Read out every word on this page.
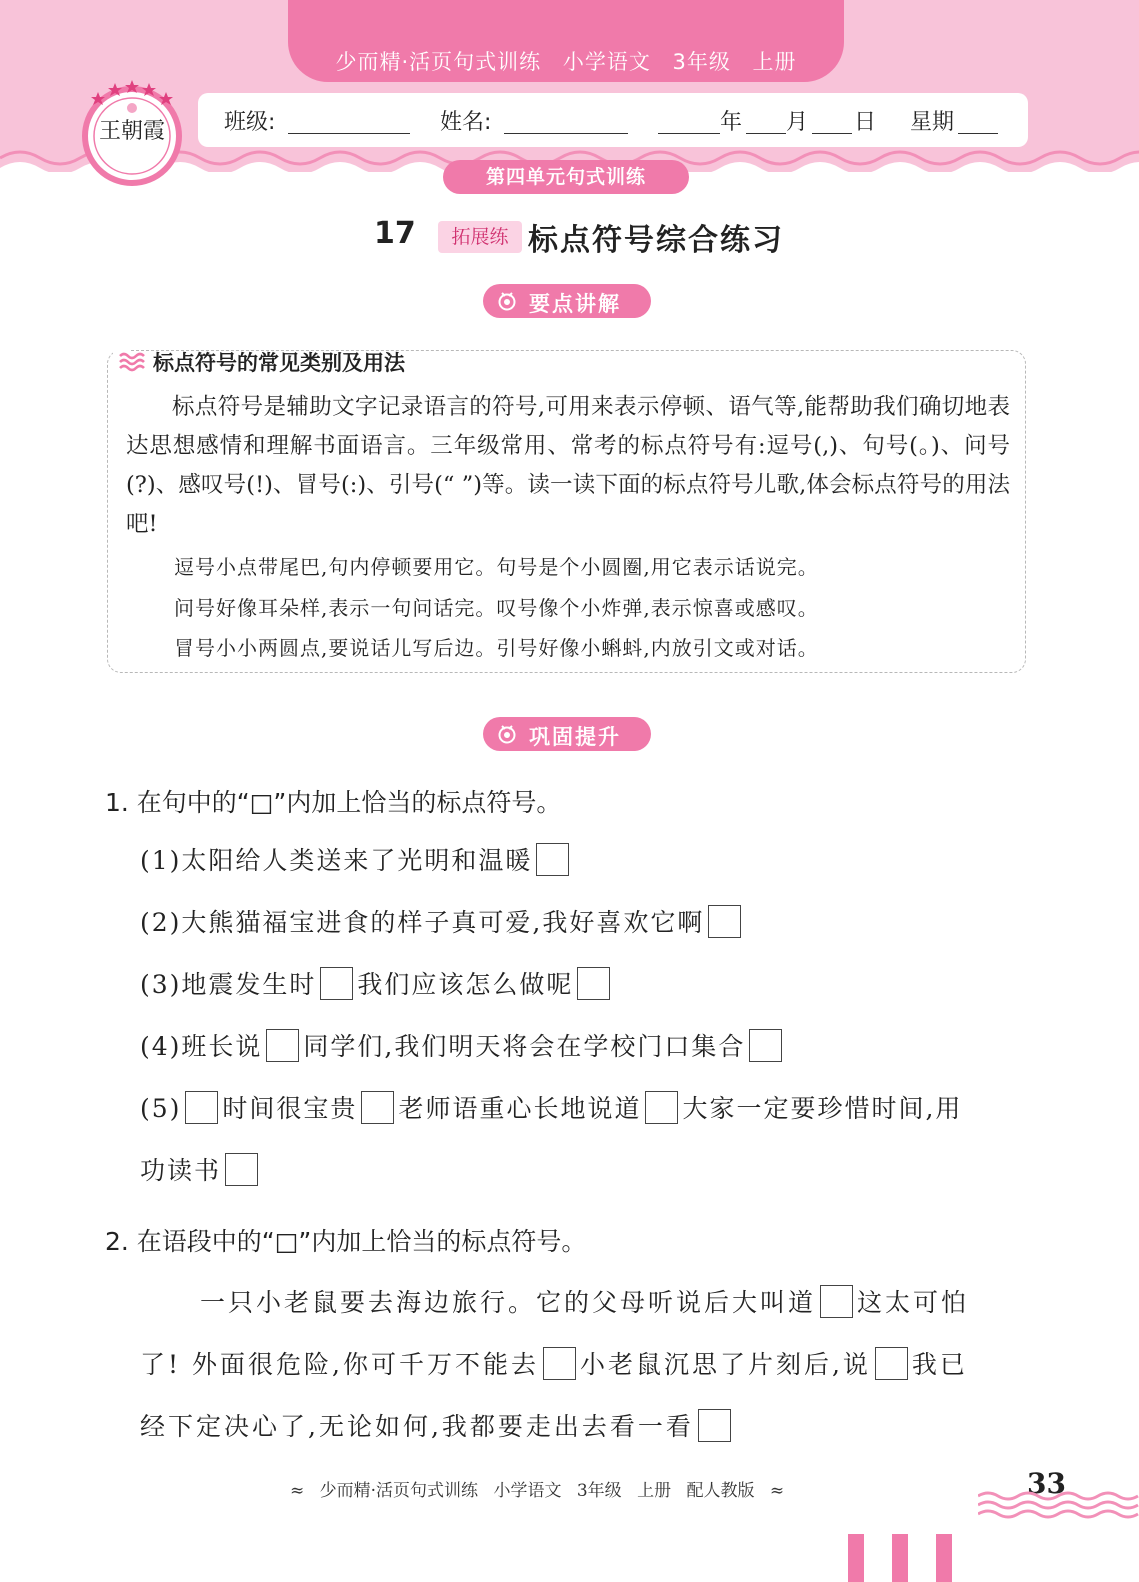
少而精·活页句式训练 小学语文 3年级 上册
王朝霞	班级:	姓名:	年 月 日 星期
第四单元句式训练
17	拓展练 标点符号综合练习
要点讲解
标点符号的常见类别及用法
标点符号是辅助文字记录语言的符号,可用来表示停顿、语气等,能帮助我们确切地表达思想感情和理解书面语言。三年级常用、常考的标点符号有:逗号(,)、句号(。)、问号(?)、感叹号(!)、冒号(:)、引号(“ ”)等。读一读下面的标点符号儿歌,体会标点符号的用法吧!
逗号小点带尾巴,句内停顿要用它。句号是个小圆圈,用它表示话说完。
问号好像耳朵样,表示一句问话完。叹号像个小炸弹,表示惊喜或感叹。
冒号小小两圆点,要说话儿写后边。引号好像小蝌蚪,内放引文或对话。
巩固提升
1. 在句中的“□”内加上恰当的标点符号。
(1)太阳给人类送来了光明和温暖
(2)大熊猫福宝进食的样子真可爱,我好喜欢它啊
(3)地震发生时 我们应该怎么做呢
(4)班长说 同学们,我们明天将会在学校门口集合
(5) 时间很宝贵 老师语重心长地说道 大家一定要珍惜时间,用
功读书
2. 在语段中的“□”内加上恰当的标点符号。
一只小老鼠要去海边旅行。它的父母听说后大叫道 这太可怕
了! 外面很危险,你可千万不能去 小老鼠沉思了片刻后,说 我已
经下定决心了,无论如何,我都要走出去看一看
≈ 少而精·活页句式训练 小学语文 3年级 上册 配人教版 ≈	33
